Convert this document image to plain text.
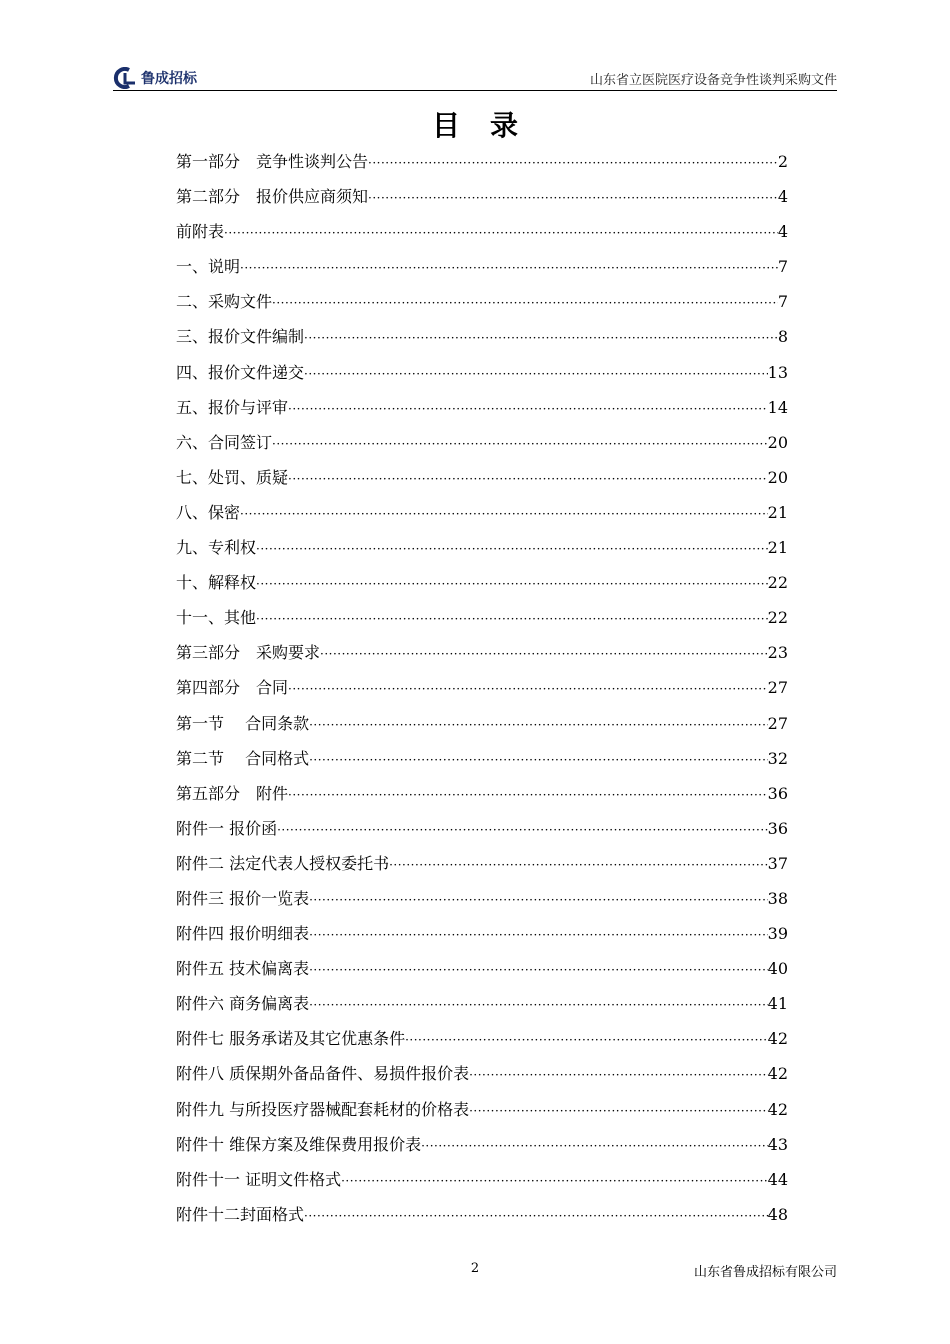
鲁成招标	山东省立医院医疗设备竞争性谈判采购文件
目录
第一部分　竞争性谈判公告 ·····	2
第二部分　报价供应商须知 ·····	4
前附表 ·····	4
一、说明 ·····	7
二、采购文件 ·····	7
三、报价文件编制 ·····	8
四、报价文件递交 ·····	13
五、报价与评审 ·····	14
六、合同签订 ·····	20
七、处罚、质疑 ·····	20
八、保密 ·····	21
九、专利权 ·····	21
十、解释权 ·····	22
十一、其他 ·····	22
第三部分　采购要求 ·····	23
第四部分　合同 ·····	27
第一节　 合同条款 ·····	27
第二节　 合同格式 ·····	32
第五部分　附件 ·····	36
附件一 报价函 ·····	36
附件二 法定代表人授权委托书 ·····	37
附件三 报价一览表 ·····	38
附件四 报价明细表 ·····	39
附件五 技术偏离表 ·····	40
附件六 商务偏离表 ·····	41
附件七 服务承诺及其它优惠条件 ·····	42
附件八 质保期外备品备件、易损件报价表 ·····	42
附件九 与所投医疗器械配套耗材的价格表 ·····	42
附件十 维保方案及维保费用报价表 ·····	43
附件十一 证明文件格式 ·····	44
附件十二封面格式 ·····	48
2	山东省鲁成招标有限公司
